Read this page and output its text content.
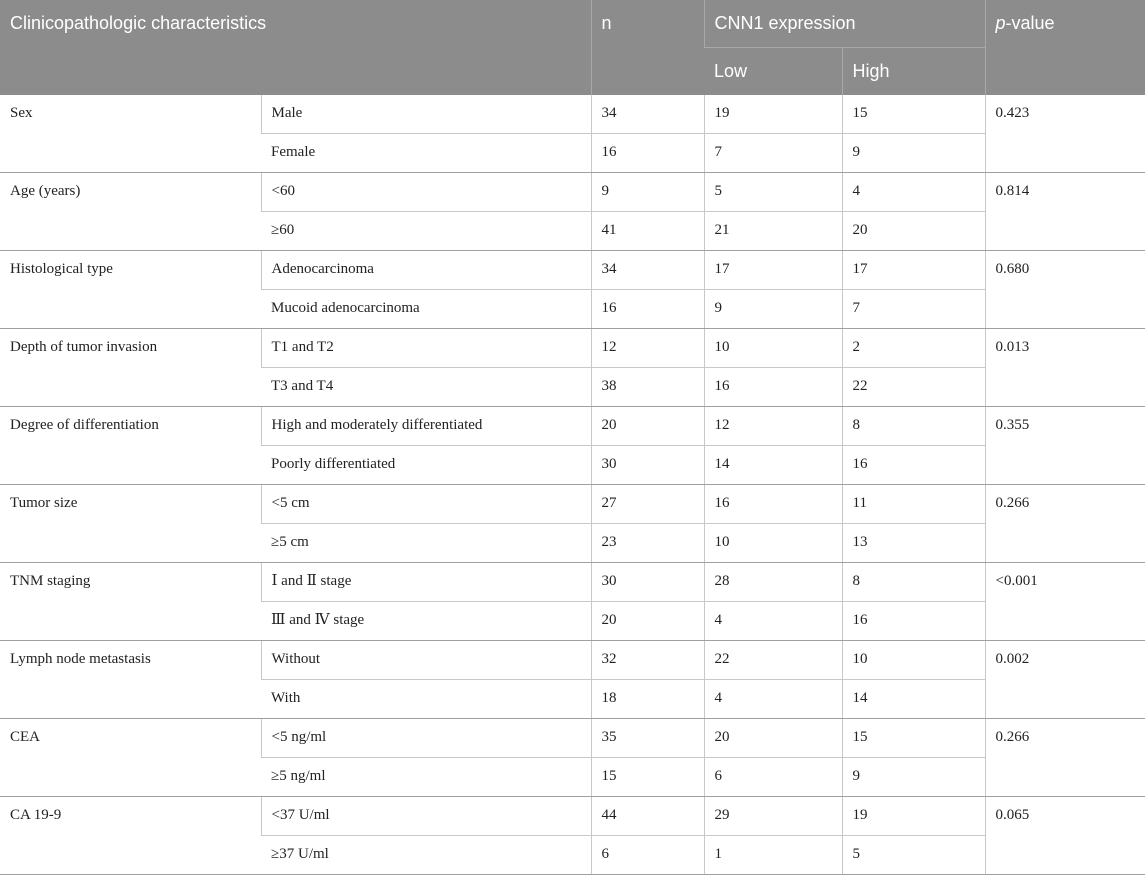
Clinicopathologic characteristics		n	CNN1 expression		p-value
			Low	High	
Sex	Male	34	19	15	0.423
	Female	16	7	9	
Age (years)	<60	9	5	4	0.814
	≥60	41	21	20	
Histological type	Adenocarcinoma	34	17	17	0.680
	Mucoid adenocarcinoma	16	9	7	
Depth of tumor invasion	T1 and T2	12	10	2	0.013
	T3 and T4	38	16	22	
Degree of differentiation	High and moderately differentiated	20	12	8	0.355
	Poorly differentiated	30	14	16	
Tumor size	<5 cm	27	16	11	0.266
	≥5 cm	23	10	13	
TNM staging	Ⅰ and Ⅱ stage	30	28	8	<0.001
	Ⅲ and Ⅳ stage	20	4	16	
Lymph node metastasis	Without	32	22	10	0.002
	With	18	4	14	
CEA	<5 ng/ml	35	20	15	0.266
	≥5 ng/ml	15	6	9	
CA 19-9	<37 U/ml	44	29	19	0.065
	≥37 U/ml	6	1	5	
